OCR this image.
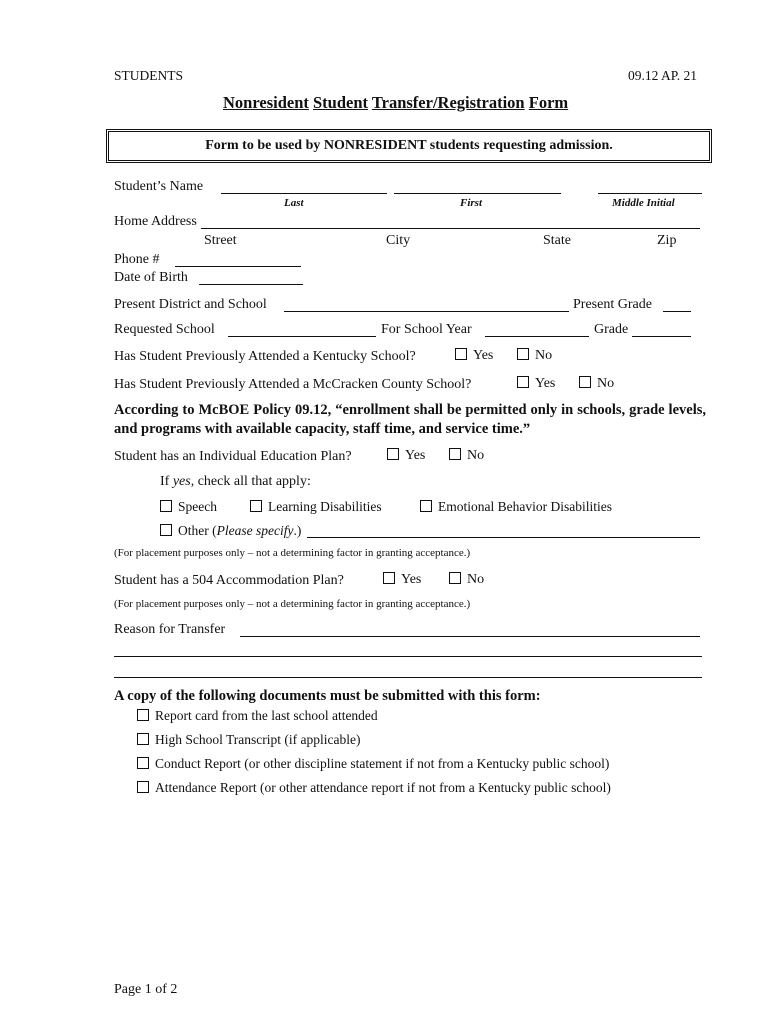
STUDENTS	09.12 AP. 21
Nonresident Student Transfer/Registration Form
Form to be used by NONRESIDENT students requesting admission.
Student’s Name
Last	First	Middle Initial
Home Address
Street	City	State	Zip
Phone #
Date of Birth
Present District and School	Present Grade
Requested School	For School Year	Grade
Has Student Previously Attended a Kentucky School?	Yes	No
Has Student Previously Attended a McCracken County School?	Yes	No
According to McBOE Policy 09.12, “enrollment shall be permitted only in schools, grade levels, and programs with available capacity, staff time, and service time.”
Student has an Individual Education Plan?	Yes	No
If yes, check all that apply:
Speech	Learning Disabilities	Emotional Behavior Disabilities
Other (Please specify.)
(For placement purposes only – not a determining factor in granting acceptance.)
Student has a 504 Accommodation Plan?	Yes	No
(For placement purposes only – not a determining factor in granting acceptance.)
Reason for Transfer
A copy of the following documents must be submitted with this form:
Report card from the last school attended
High School Transcript (if applicable)
Conduct Report (or other discipline statement if not from a Kentucky public school)
Attendance Report (or other attendance report if not from a Kentucky public school)
Page 1 of 2
